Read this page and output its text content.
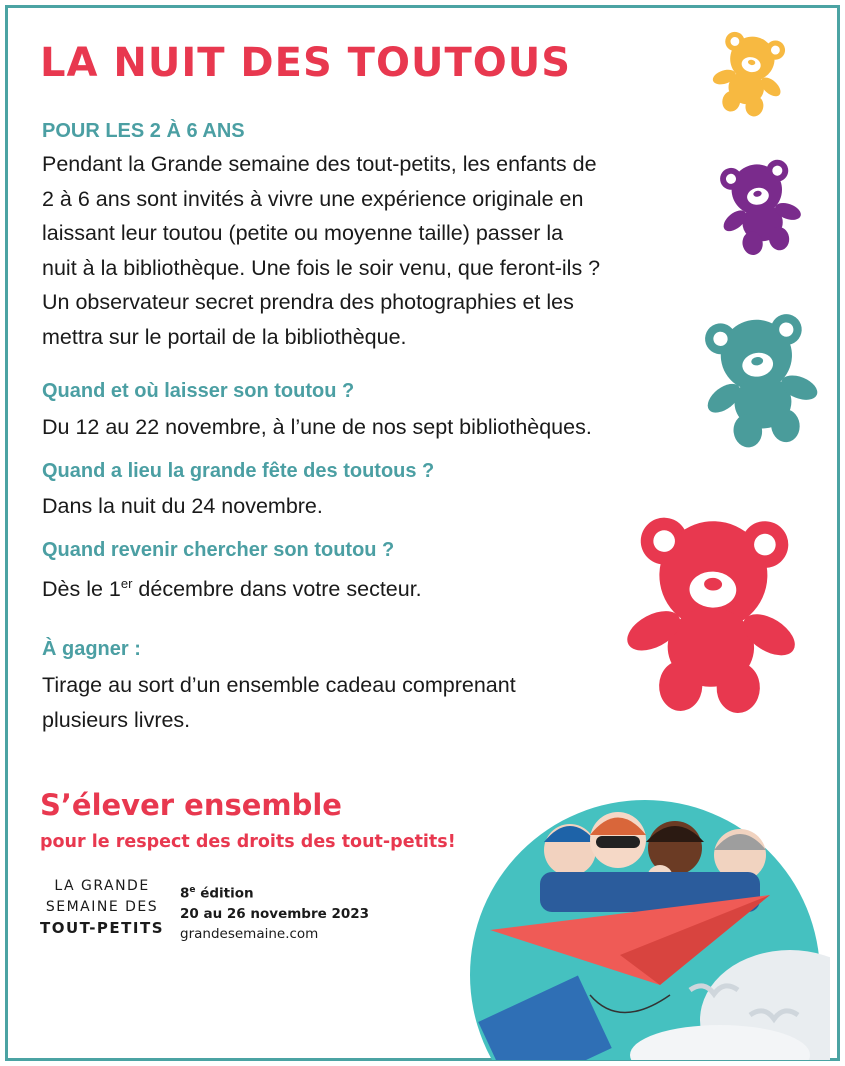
LA NUIT DES TOUTOUS

POUR LES 2 À 6 ANS

Pendant la Grande semaine des tout-petits, les enfants de
2 à 6 ans sont invités à vivre une expérience originale en
laissant leur toutou (petite ou moyenne taille) passer la
nuit à la bibliothèque. Une fois le soir venu, que feront-ils ?
Un observateur secret prendra des photographies et les
mettra sur le portail de la bibliothèque.

Quand et où laisser son toutou ?

Du 12 au 22 novembre, à l’une de nos sept bibliothèques.

Quand a lieu la grande fête des toutous ?

Dans la nuit du 24 novembre.

Quand revenir chercher son toutou ?

Dès le 1er décembre dans votre secteur.

À gagner :

Tirage au sort d’un ensemble cadeau comprenant
plusieurs livres.
S’élever ensemble

pour le respect des droits des tout-petits!

LA GRANDE
SEMAINE DES
TOUT-PETITS
8e édition
20 au 26 novembre 2023
grandesemaine.com
